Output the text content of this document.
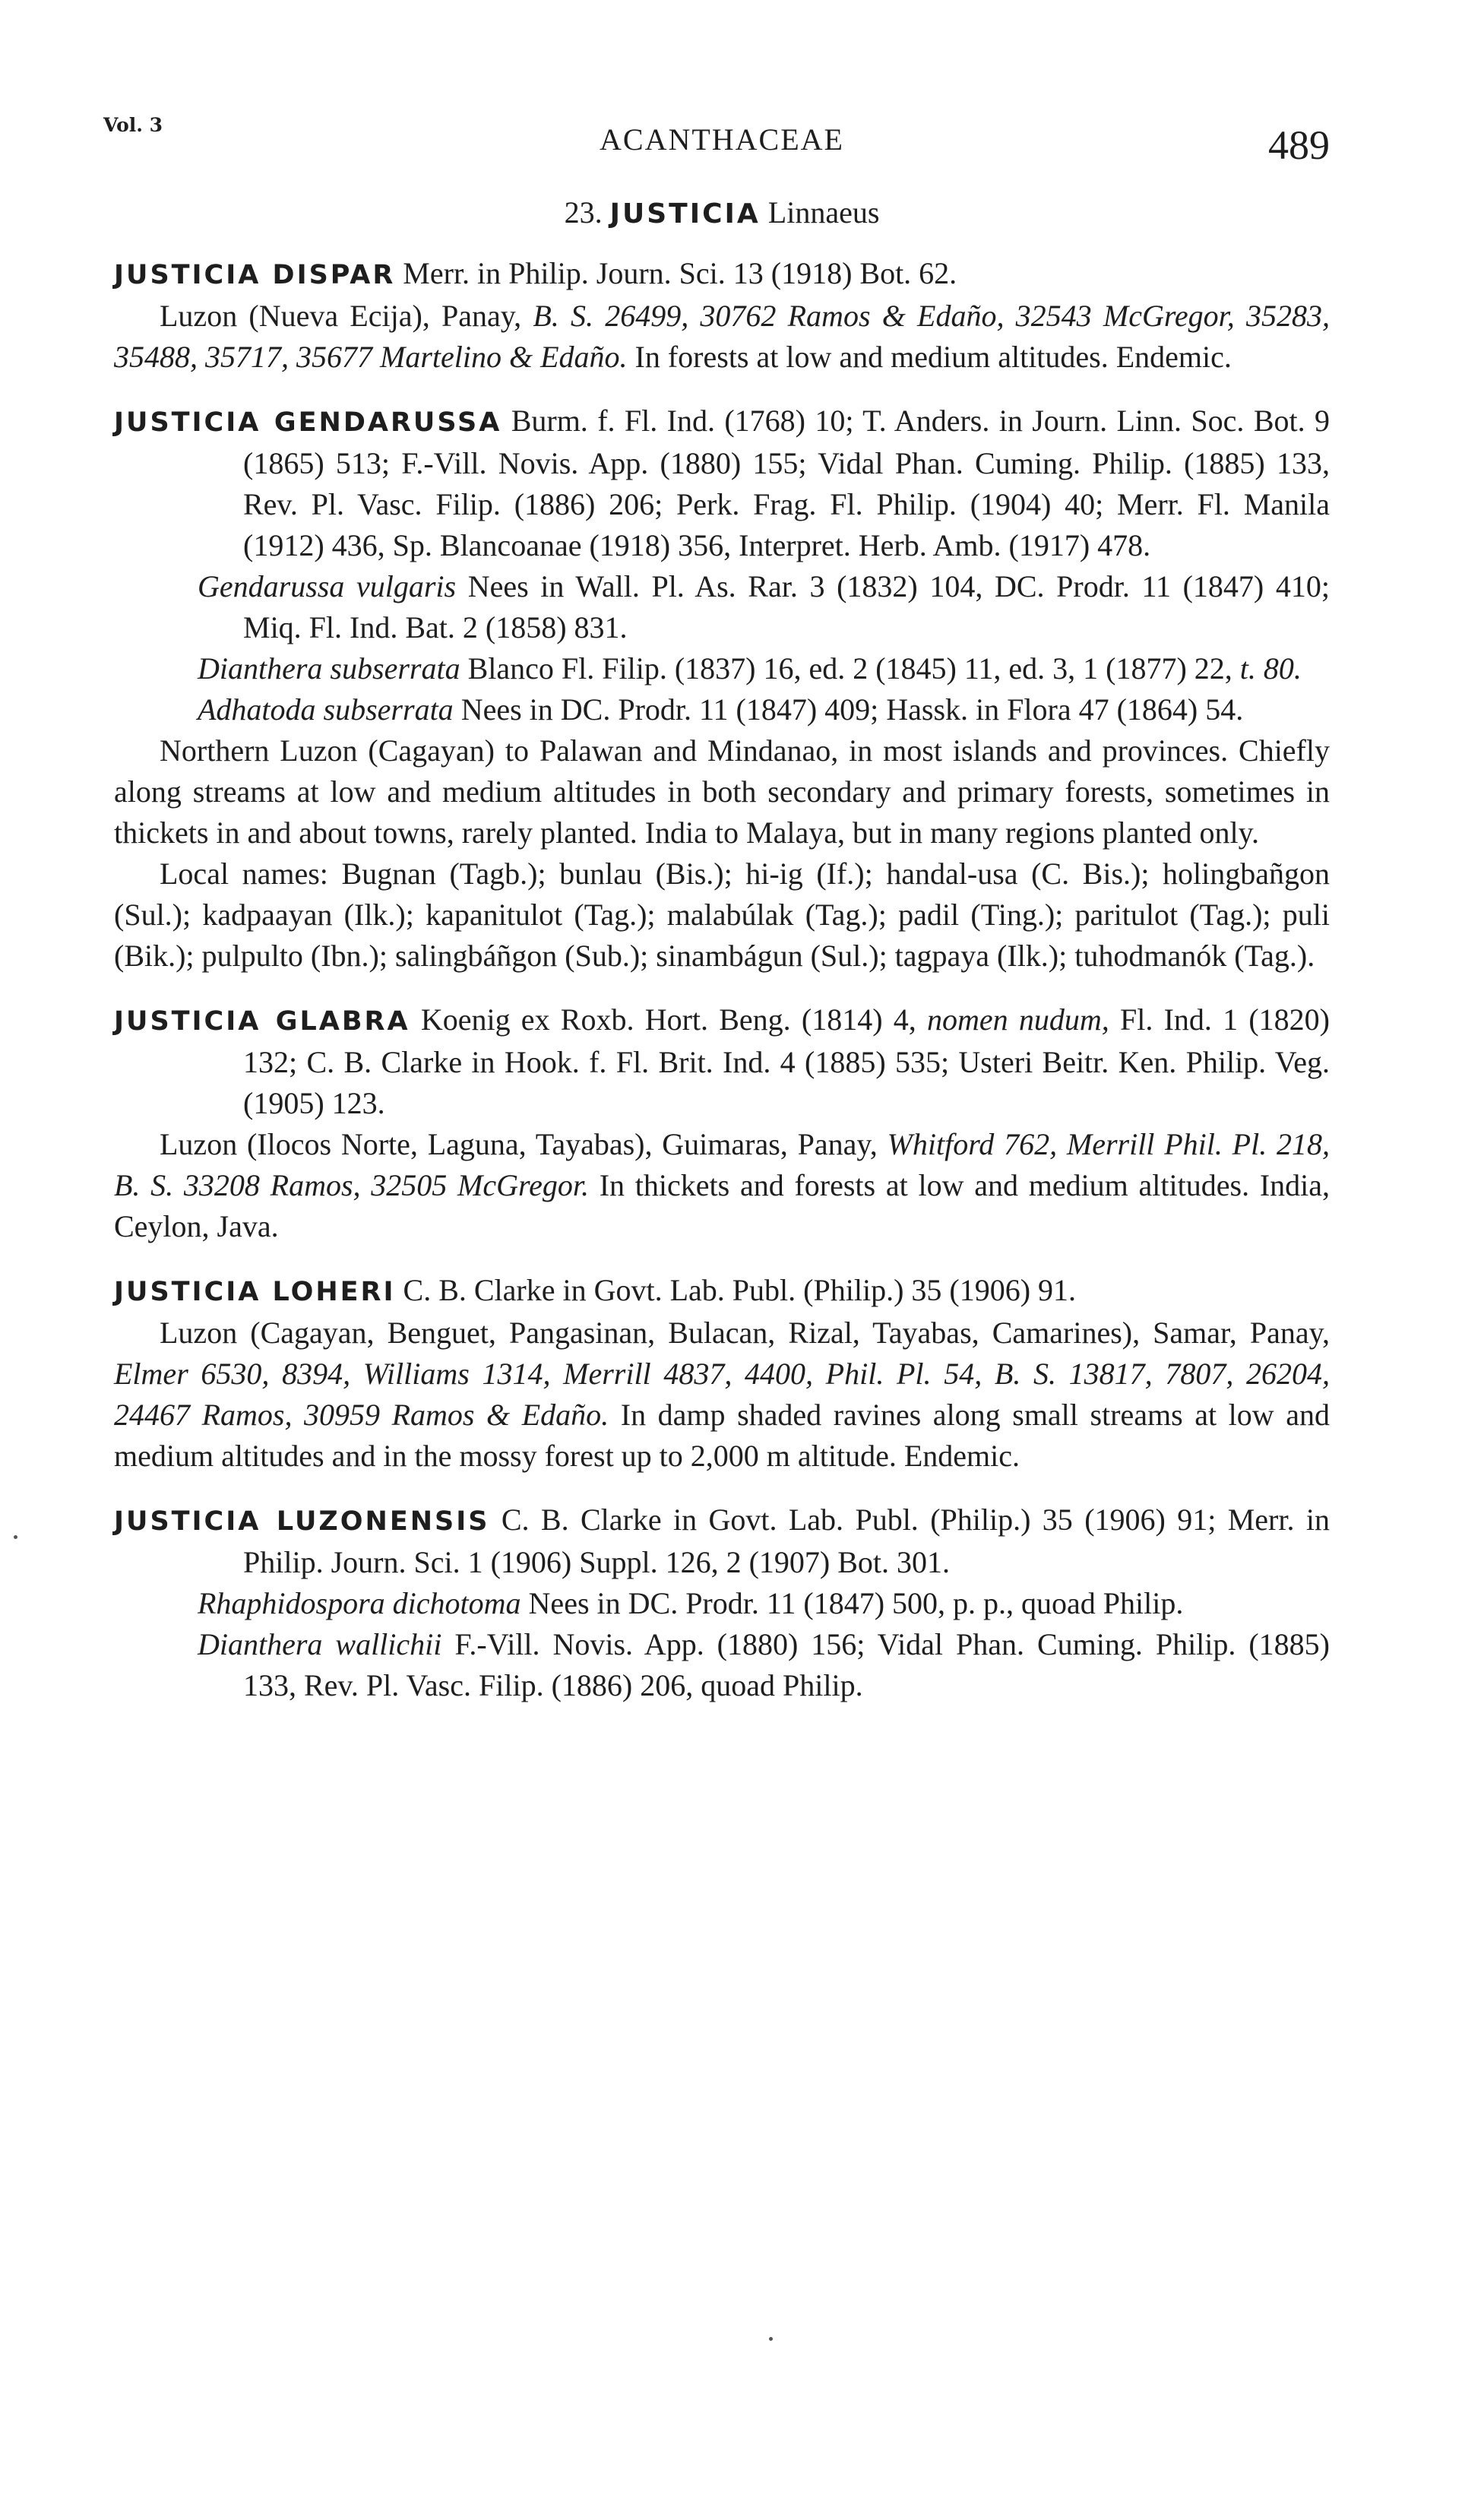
Vol. 3	ACANTHACEAE	489
23. JUSTICIA Linnaeus

JUSTICIA DISPAR Merr. in Philip. Journ. Sci. 13 (1918) Bot. 62.

Luzon (Nueva Ecija), Panay, B. S. 26499, 30762 Ramos & Edaño, 32543 McGregor, 35283, 35488, 35717, 35677 Martelino & Edaño. In forests at low and medium altitudes. Endemic.

JUSTICIA GENDARUSSA Burm. f. Fl. Ind. (1768) 10; T. Anders. in Journ. Linn. Soc. Bot. 9 (1865) 513; F.-Vill. Novis. App. (1880) 155; Vidal Phan. Cuming. Philip. (1885) 133, Rev. Pl. Vasc. Filip. (1886) 206; Perk. Frag. Fl. Philip. (1904) 40; Merr. Fl. Manila (1912) 436, Sp. Blancoanae (1918) 356, Interpret. Herb. Amb. (1917) 478.

Gendarussa vulgaris Nees in Wall. Pl. As. Rar. 3 (1832) 104, DC. Prodr. 11 (1847) 410; Miq. Fl. Ind. Bat. 2 (1858) 831.

Dianthera subserrata Blanco Fl. Filip. (1837) 16, ed. 2 (1845) 11, ed. 3, 1 (1877) 22, t. 80.

Adhatoda subserrata Nees in DC. Prodr. 11 (1847) 409; Hassk. in Flora 47 (1864) 54.

Northern Luzon (Cagayan) to Palawan and Mindanao, in most islands and provinces. Chiefly along streams at low and medium altitudes in both secondary and primary forests, sometimes in thickets in and about towns, rarely planted. India to Malaya, but in many regions planted only.

Local names: Bugnan (Tagb.); bunlau (Bis.); hi-ig (If.); handal-usa (C. Bis.); holingbañgon (Sul.); kadpaayan (Ilk.); kapanitulot (Tag.); malabúlak (Tag.); padil (Ting.); paritulot (Tag.); puli (Bik.); pulpulto (Ibn.); salingbáñgon (Sub.); sinambágun (Sul.); tagpaya (Ilk.); tuhodmanók (Tag.).

JUSTICIA GLABRA Koenig ex Roxb. Hort. Beng. (1814) 4, nomen nudum, Fl. Ind. 1 (1820) 132; C. B. Clarke in Hook. f. Fl. Brit. Ind. 4 (1885) 535; Usteri Beitr. Ken. Philip. Veg. (1905) 123.

Luzon (Ilocos Norte, Laguna, Tayabas), Guimaras, Panay, Whitford 762, Merrill Phil. Pl. 218, B. S. 33208 Ramos, 32505 McGregor. In thickets and forests at low and medium altitudes. India, Ceylon, Java.

JUSTICIA LOHERI C. B. Clarke in Govt. Lab. Publ. (Philip.) 35 (1906) 91.

Luzon (Cagayan, Benguet, Pangasinan, Bulacan, Rizal, Tayabas, Camarines), Samar, Panay, Elmer 6530, 8394, Williams 1314, Merrill 4837, 4400, Phil. Pl. 54, B. S. 13817, 7807, 26204, 24467 Ramos, 30959 Ramos & Edaño. In damp shaded ravines along small streams at low and medium altitudes and in the mossy forest up to 2,000 m altitude. Endemic.

JUSTICIA LUZONENSIS C. B. Clarke in Govt. Lab. Publ. (Philip.) 35 (1906) 91; Merr. in Philip. Journ. Sci. 1 (1906) Suppl. 126, 2 (1907) Bot. 301.

Rhaphidospora dichotoma Nees in DC. Prodr. 11 (1847) 500, p. p., quoad Philip.

Dianthera wallichii F.-Vill. Novis. App. (1880) 156; Vidal Phan. Cuming. Philip. (1885) 133, Rev. Pl. Vasc. Filip. (1886) 206, quoad Philip.
